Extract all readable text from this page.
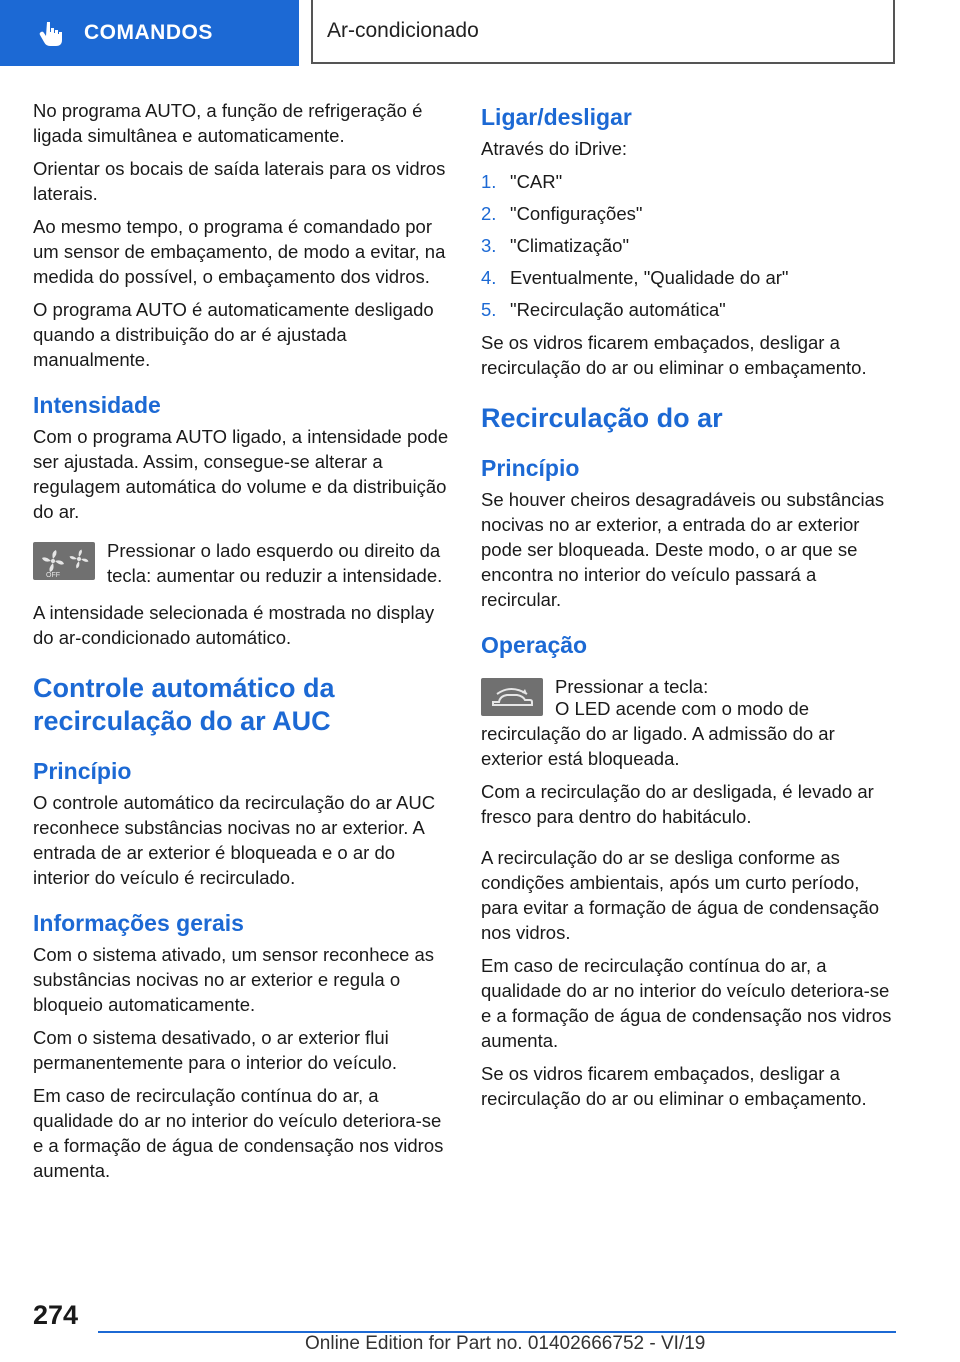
COMANDOS	Ar-condicionado

No programa AUTO, a função de refrigeração é ligada simultânea e automaticamente.

Orientar os bocais de saída laterais para os vidros laterais.

Ao mesmo tempo, o programa é comandado por um sensor de embaçamento, de modo a evitar, na medida do possível, o embaçamento dos vidros.

O programa AUTO é automaticamente desligado quando a distribuição do ar é ajustada manualmente.

Intensidade

Com o programa AUTO ligado, a intensidade pode ser ajustada. Assim, consegue-se alterar a regulagem automática do volume e da distribuição do ar.

OFF
Pressionar o lado esquerdo ou direito da tecla: aumentar ou reduzir a intensidade.

A intensidade selecionada é mostrada no display do ar-condicionado automático.

Controle automático da recirculação do ar AUC
Princípio

O controle automático da recirculação do ar AUC reconhece substâncias nocivas no ar exterior. A entrada de ar exterior é bloqueada e o ar do interior do veículo é recirculado.

Informações gerais

Com o sistema ativado, um sensor reconhece as substâncias nocivas no ar exterior e regula o bloqueio automaticamente.

Com o sistema desativado, o ar exterior flui permanentemente para o interior do veículo.

Em caso de recirculação contínua do ar, a qualidade do ar no interior do veículo deteriora-se e a formação de água de condensação nos vidros aumenta.

Ligar/desligar

Através do iDrive:

1. "CAR"
2. "Configurações"
3. "Climatização"
4. Eventualmente, "Qualidade do ar"
5. "Recirculação automática"

Se os vidros ficarem embaçados, desligar a recirculação do ar ou eliminar o embaçamento.

Recirculação do ar
Princípio

Se houver cheiros desagradáveis ou substâncias nocivas no ar exterior, a entrada do ar exterior pode ser bloqueada. Deste modo, o ar que se encontra no interior do veículo passará a recircular.

Operação
Pressionar a tecla:

O LED acende com o modo de recirculação do ar ligado. A admissão do ar exterior está bloqueada.

Com a recirculação do ar desligada, é levado ar fresco para dentro do habitáculo.

A recirculação do ar se desliga conforme as condições ambientais, após um curto período, para evitar a formação de água de condensação nos vidros.

Em caso de recirculação contínua do ar, a qualidade do ar no interior do veículo deteriora-se e a formação de água de condensação nos vidros aumenta.

Se os vidros ficarem embaçados, desligar a recirculação do ar ou eliminar o embaçamento.

274
Online Edition for Part no. 01402666752 - VI/19
